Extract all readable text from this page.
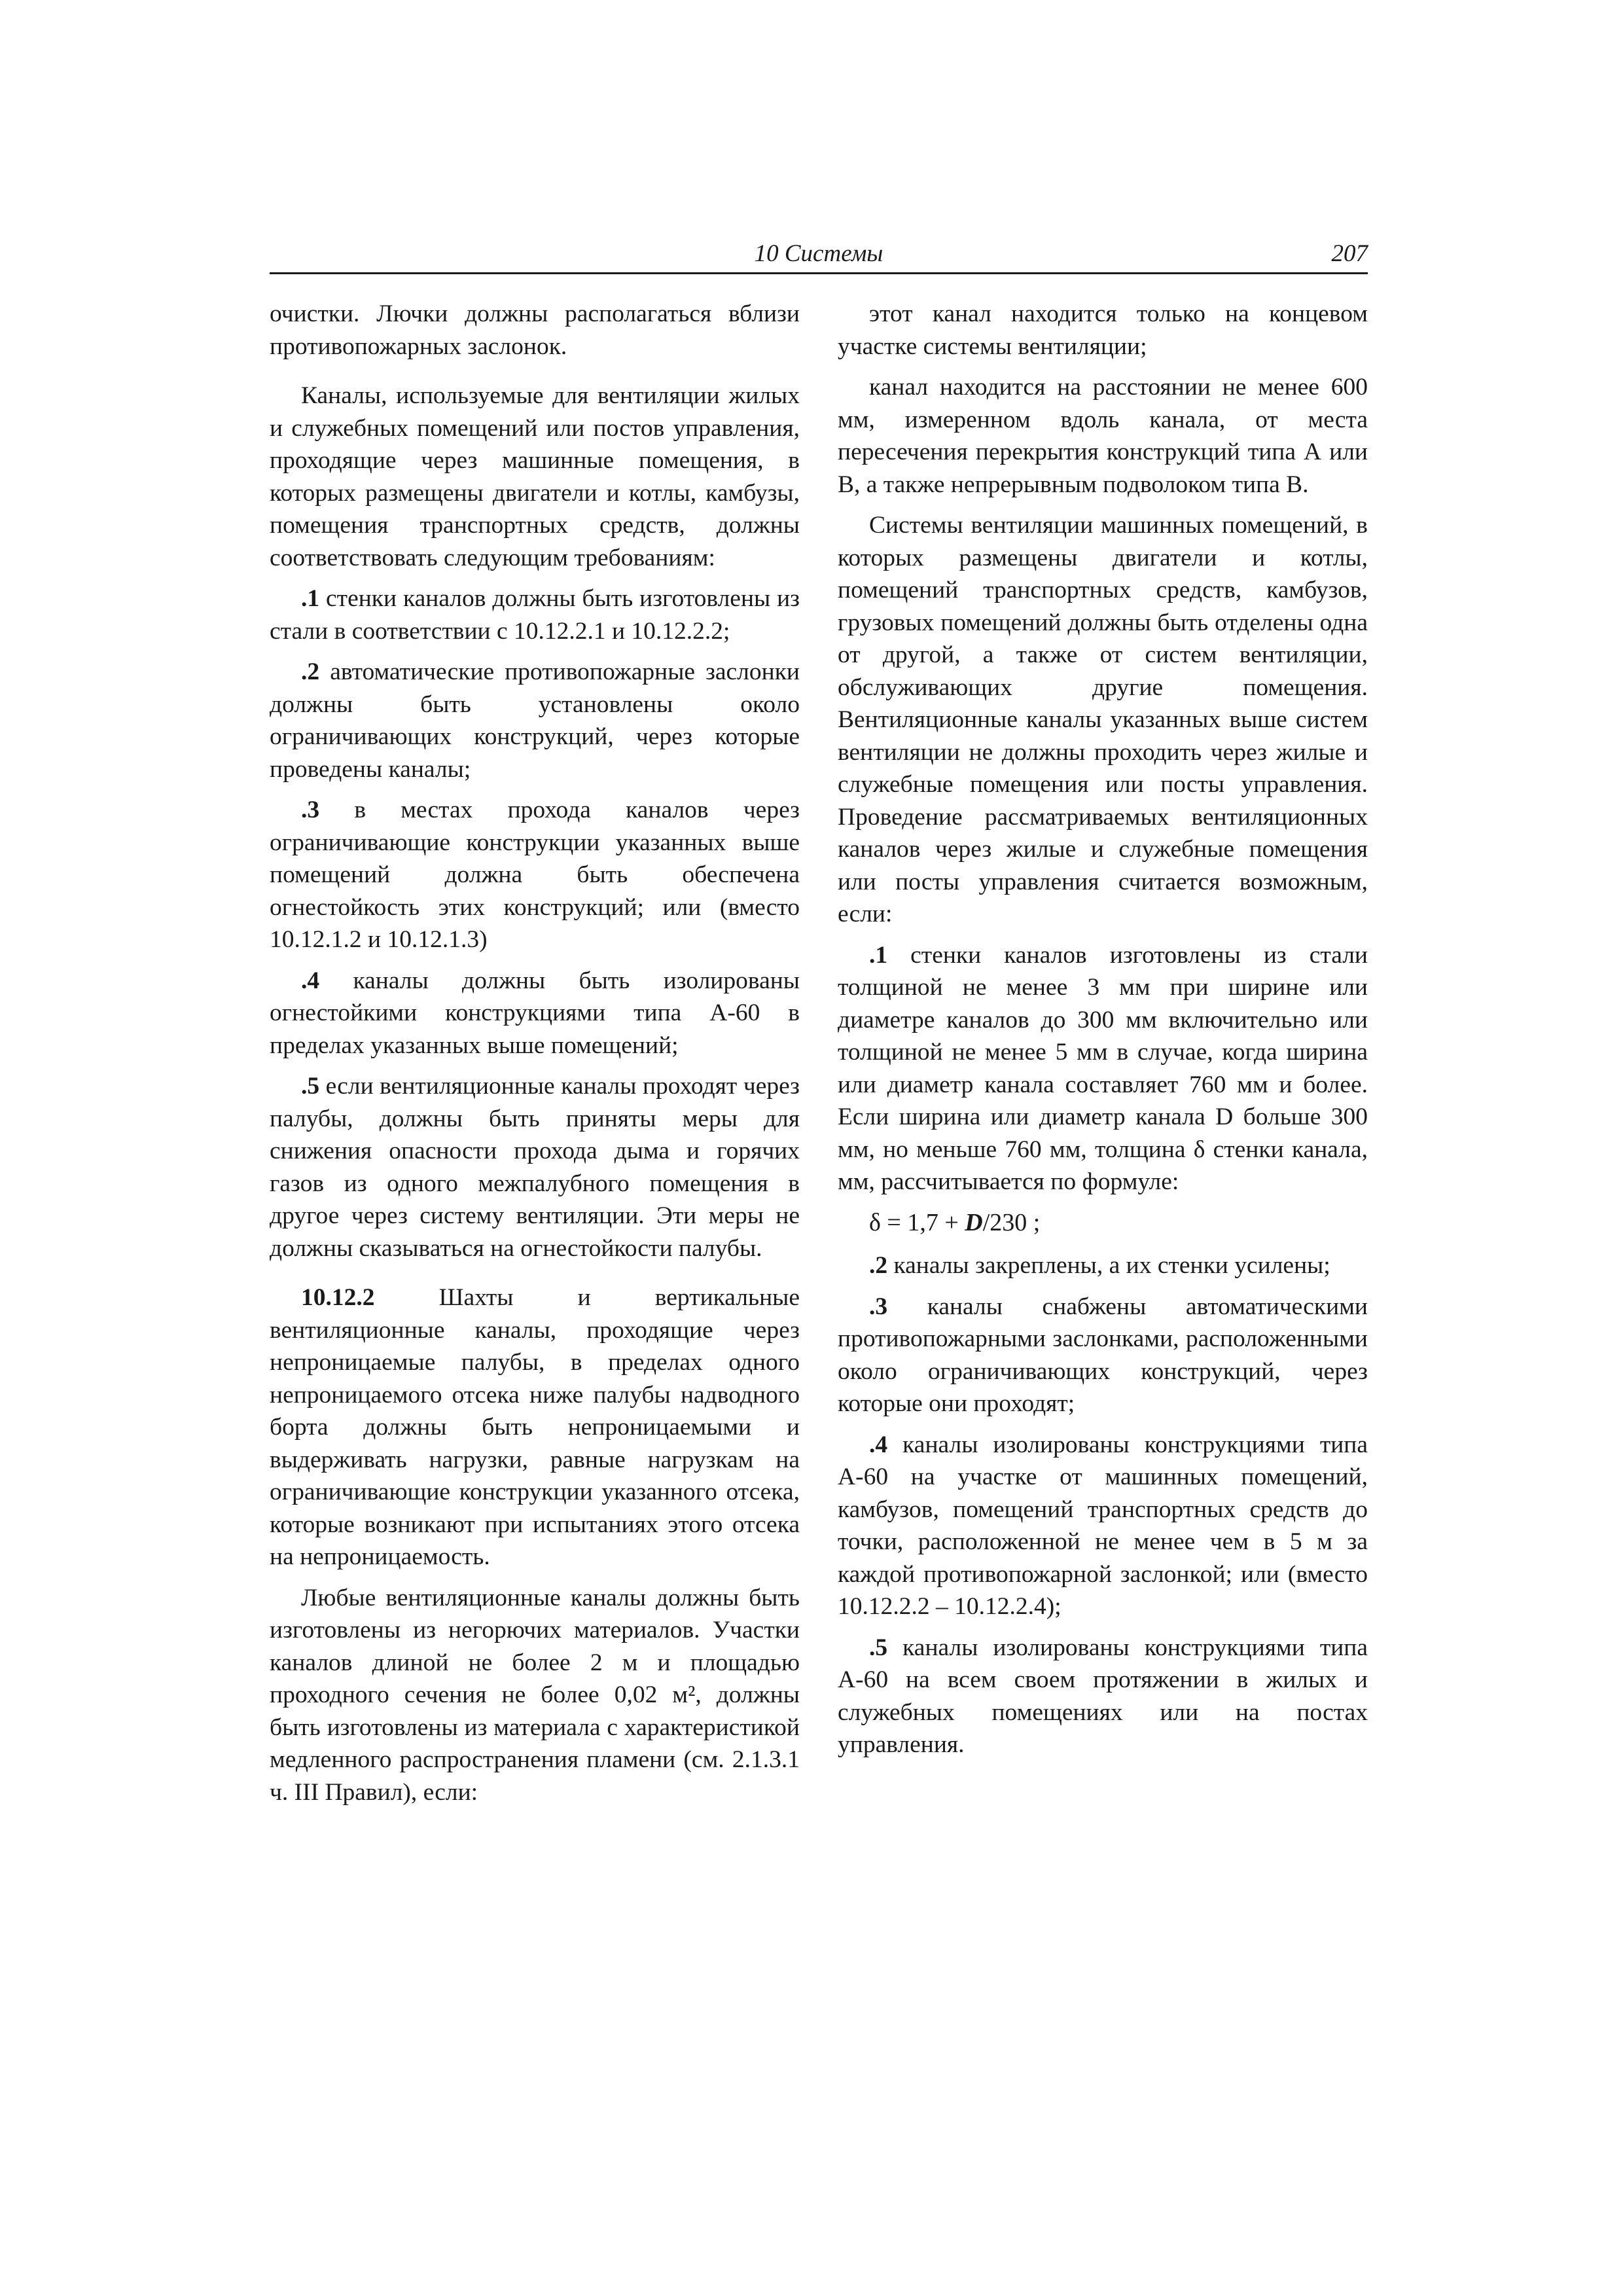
10 Системы	207

очистки. Лючки должны располагаться вблизи противопожарных заслонок.

Каналы, используемые для вентиляции жилых и служебных помещений или постов управления, проходящие через машинные помещения, в которых размещены двигатели и котлы, камбузы, помещения транспортных средств, должны соответствовать следующим требованиям:

.1 стенки каналов должны быть изготовлены из стали в соответствии с 10.12.2.1 и 10.12.2.2;

.2 автоматические противопожарные заслонки должны быть установлены около ограничивающих конструкций, через которые проведены каналы;

.3 в местах прохода каналов через ограничивающие конструкции указанных выше помещений должна быть обеспечена огнестойкость этих конструкций; или (вместо 10.12.1.2 и 10.12.1.3)

.4 каналы должны быть изолированы огнестойкими конструкциями типа А-60 в пределах указанных выше помещений;

.5 если вентиляционные каналы проходят через палубы, должны быть приняты меры для снижения опасности прохода дыма и горячих газов из одного межпалубного помещения в другое через систему вентиляции. Эти меры не должны сказываться на огнестойкости палубы.

10.12.2	Шахты и вертикальные вентиляционные каналы, проходящие через непроницаемые палубы, в пределах одного непроницаемого отсека ниже палубы надводного борта должны быть непроницаемыми и выдерживать нагрузки, равные нагрузкам на ограничивающие конструкции указанного отсека, которые возникают при испытаниях этого отсека на непроницаемость.

Любые вентиляционные каналы должны быть изготовлены из негорючих материалов. Участки каналов длиной не более 2 м и площадью проходного сечения не более 0,02 м², должны быть изготовлены из материала с характеристикой медленного распространения пламени (см. 2.1.3.1 ч. III Правил), если:

этот канал находится только на концевом участке системы вентиляции;

канал находится на расстоянии не менее 600 мм, измеренном вдоль канала, от места пересечения перекрытия конструкций типа А или В, а также непрерывным подволоком типа В.

Системы вентиляции машинных помещений, в которых размещены двигатели и котлы, помещений транспортных средств, камбузов, грузовых помещений должны быть отделены одна от другой, а также от систем вентиляции, обслуживающих другие помещения. Вентиляционные каналы указанных выше систем вентиляции не должны проходить через жилые и служебные помещения или посты управления. Проведение рассматриваемых вентиляционных каналов через жилые и служебные помещения или посты управления считается возможным, если:

.1 стенки каналов изготовлены из стали толщиной не менее 3 мм при ширине или диаметре каналов до 300 мм включительно или толщиной не менее 5 мм в случае, когда ширина или диаметр канала составляет 760 мм и более. Если ширина или диаметр канала D больше 300 мм, но меньше 760 мм, толщина δ стенки канала, мм, рассчитывается по формуле:

δ = 1,7 + D/230 ;

.2 каналы закреплены, а их стенки усилены;

.3 каналы снабжены автоматическими противопожарными заслонками, расположенными около ограничивающих конструкций, через которые они проходят;

.4 каналы изолированы конструкциями типа А-60 на участке от машинных помещений, камбузов, помещений транспортных средств до точки, расположенной не менее чем в 5 м за каждой противопожарной заслонкой; или (вместо 10.12.2.2 – 10.12.2.4);

.5 каналы изолированы конструкциями типа А-60 на всем своем протяжении в жилых и служебных помещениях или на постах управления.
